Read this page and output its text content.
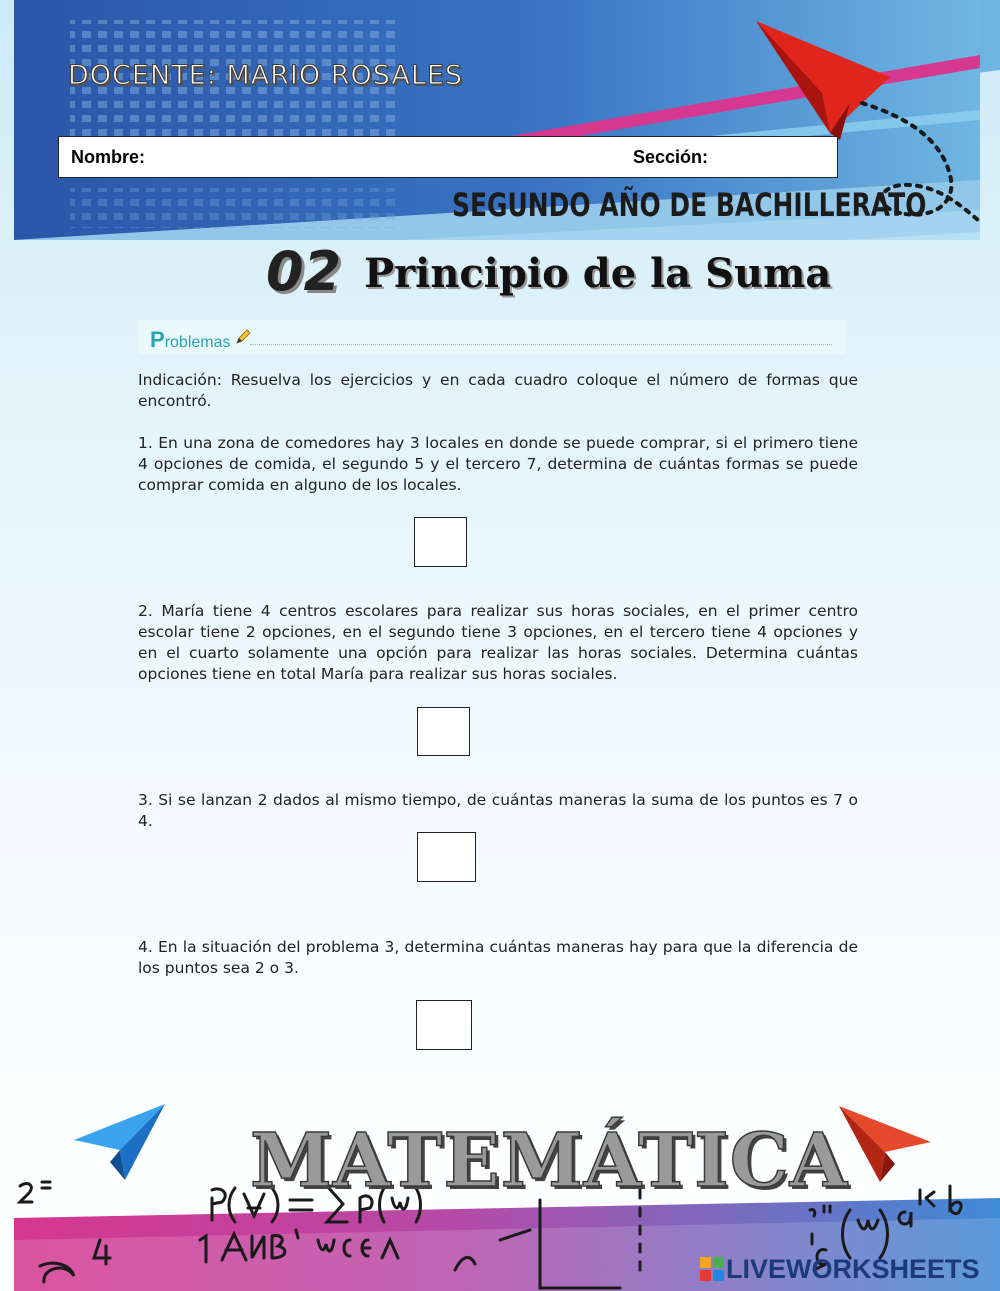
DOCENTE: MARIO ROSALES
Nombre:	Sección:
SEGUNDO AÑO DE BACHILLERATO
02 Principio de la Suma
Problemas
Indicación: Resuelva los ejercicios y en cada cuadro coloque el número de formas que encontró.
1. En una zona de comedores hay 3 locales en donde se puede comprar, si el primero tiene 4 opciones de comida, el segundo 5 y el tercero 7, determina de cuántas formas se puede comprar comida en alguno de los locales.
2. María tiene 4 centros escolares para realizar sus horas sociales, en el primer centro escolar tiene 2 opciones, en el segundo tiene 3 opciones, en el tercero tiene 4 opciones y en el cuarto solamente una opción para realizar las horas sociales. Determina cuántas opciones tiene en total María para realizar sus horas sociales.
3. Si se lanzan 2 dados al mismo tiempo, de cuántas maneras la suma de los puntos es 7 o 4.
4. En la situación del problema 3, determina cuántas maneras hay para que la diferencia de los puntos sea 2 o 3.
MATEMÁTICA
LIVEWORKSHEETS
